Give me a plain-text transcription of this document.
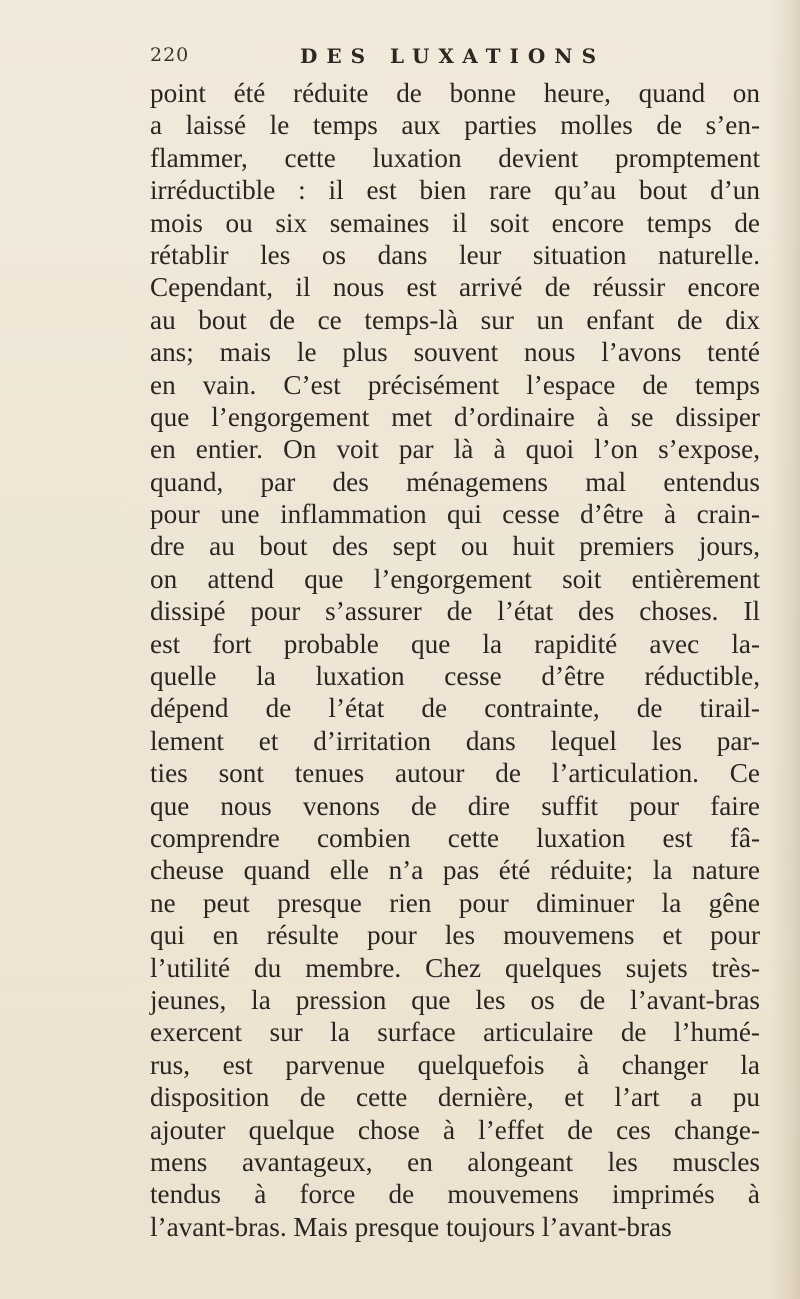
220	DES LUXATIONS
point été réduite de bonne heure, quand on
a laissé le temps aux parties molles de s’en-
flammer, cette luxation devient promptement
irréductible : il est bien rare qu’au bout d’un
mois ou six semaines il soit encore temps de
rétablir les os dans leur situation naturelle.
Cependant, il nous est arrivé de réussir encore
au bout de ce temps-là sur un enfant de dix
ans; mais le plus souvent nous l’avons tenté
en vain. C’est précisément l’espace de temps
que l’engorgement met d’ordinaire à se dissiper
en entier. On voit par là à quoi l’on s’expose,
quand, par des ménagemens mal entendus
pour une inflammation qui cesse d’être à crain-
dre au bout des sept ou huit premiers jours,
on attend que l’engorgement soit entièrement
dissipé pour s’assurer de l’état des choses. Il
est fort probable que la rapidité avec la-
quelle la luxation cesse d’être réductible,
dépend de l’état de contrainte, de tirail-
lement et d’irritation dans lequel les par-
ties sont tenues autour de l’articulation. Ce
que nous venons de dire suffit pour faire
comprendre combien cette luxation est fâ-
cheuse quand elle n’a pas été réduite; la nature
ne peut presque rien pour diminuer la gêne
qui en résulte pour les mouvemens et pour
l’utilité du membre. Chez quelques sujets très-
jeunes, la pression que les os de l’avant-bras
exercent sur la surface articulaire de l’humé-
rus, est parvenue quelquefois à changer la
disposition de cette dernière, et l’art a pu
ajouter quelque chose à l’effet de ces change-
mens avantageux, en alongeant les muscles
tendus à force de mouvemens imprimés à
l’avant-bras. Mais presque toujours l’avant-bras
